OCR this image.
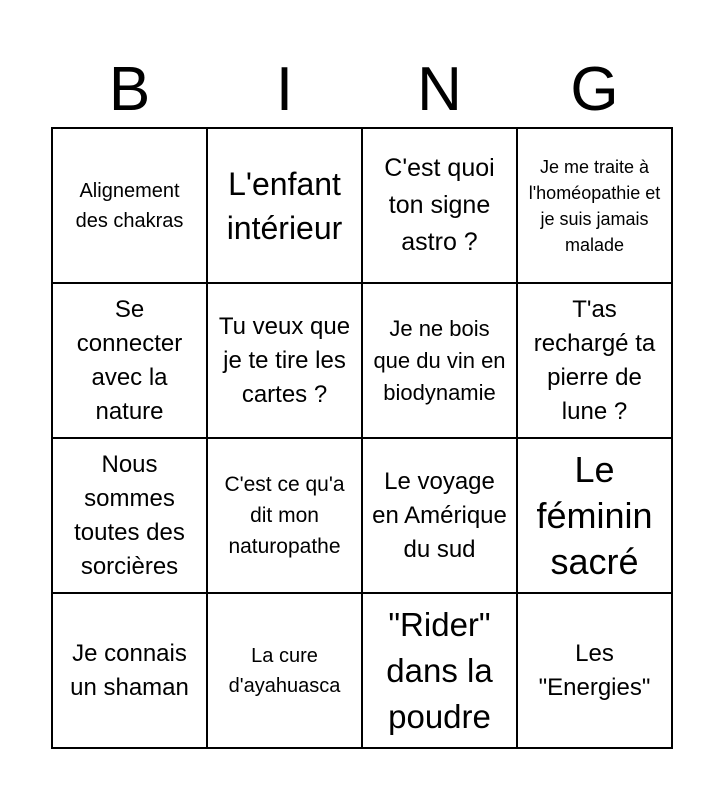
B	I	N	G
Alignement des chakras
L'enfant intérieur
C'est quoi ton signe astro ?
Je me traite à l'homéopathie et je suis jamais malade
Se connecter avec la nature
Tu veux que je te tire les cartes ?
Je ne bois que du vin en biodynamie
T'as rechargé ta pierre de lune ?
Nous sommes toutes des sorcières
C'est ce qu'a dit mon naturopathe
Le voyage en Amérique du sud
Le féminin sacré
Je connais un shaman
La cure d'ayahuasca
"Rider" dans la poudre
Les "Energies"
